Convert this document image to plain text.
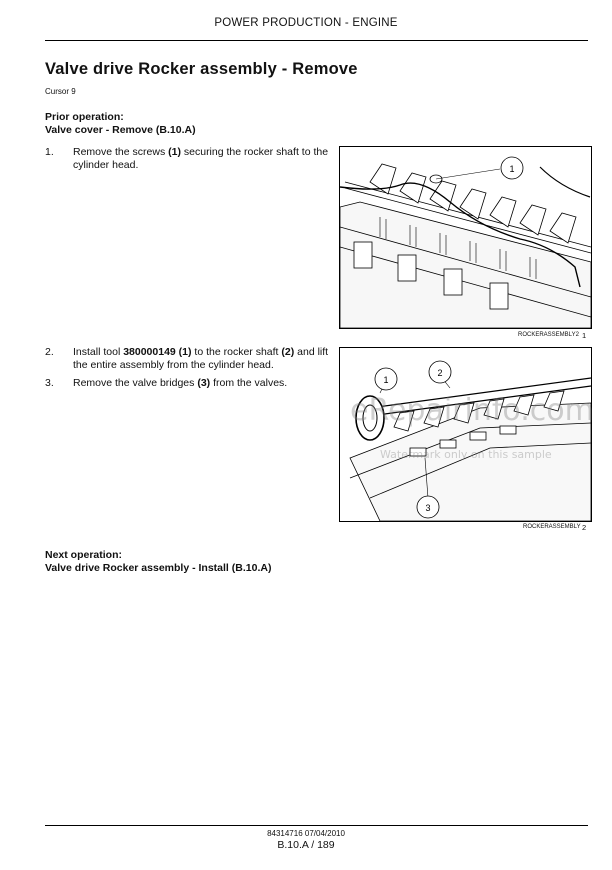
POWER PRODUCTION - ENGINE
Valve drive Rocker assembly - Remove
Cursor 9
Prior operation:
Valve cover - Remove (B.10.A)
1. Remove the screws (1) securing the rocker shaft to the cylinder head.
2. Install tool 380000149 (1) to the rocker shaft (2) and lift the entire assembly from the cylinder head.
3. Remove the valve bridges (3) from the valves.
1
ROCKERASSEMBLY2 1
1
2
3
ROCKERASSEMBLY 2
eRepairinfo.com
Watermark only on this sample
Next operation:
Valve drive Rocker assembly - Install (B.10.A)
84314716 07/04/2010
B.10.A / 189
